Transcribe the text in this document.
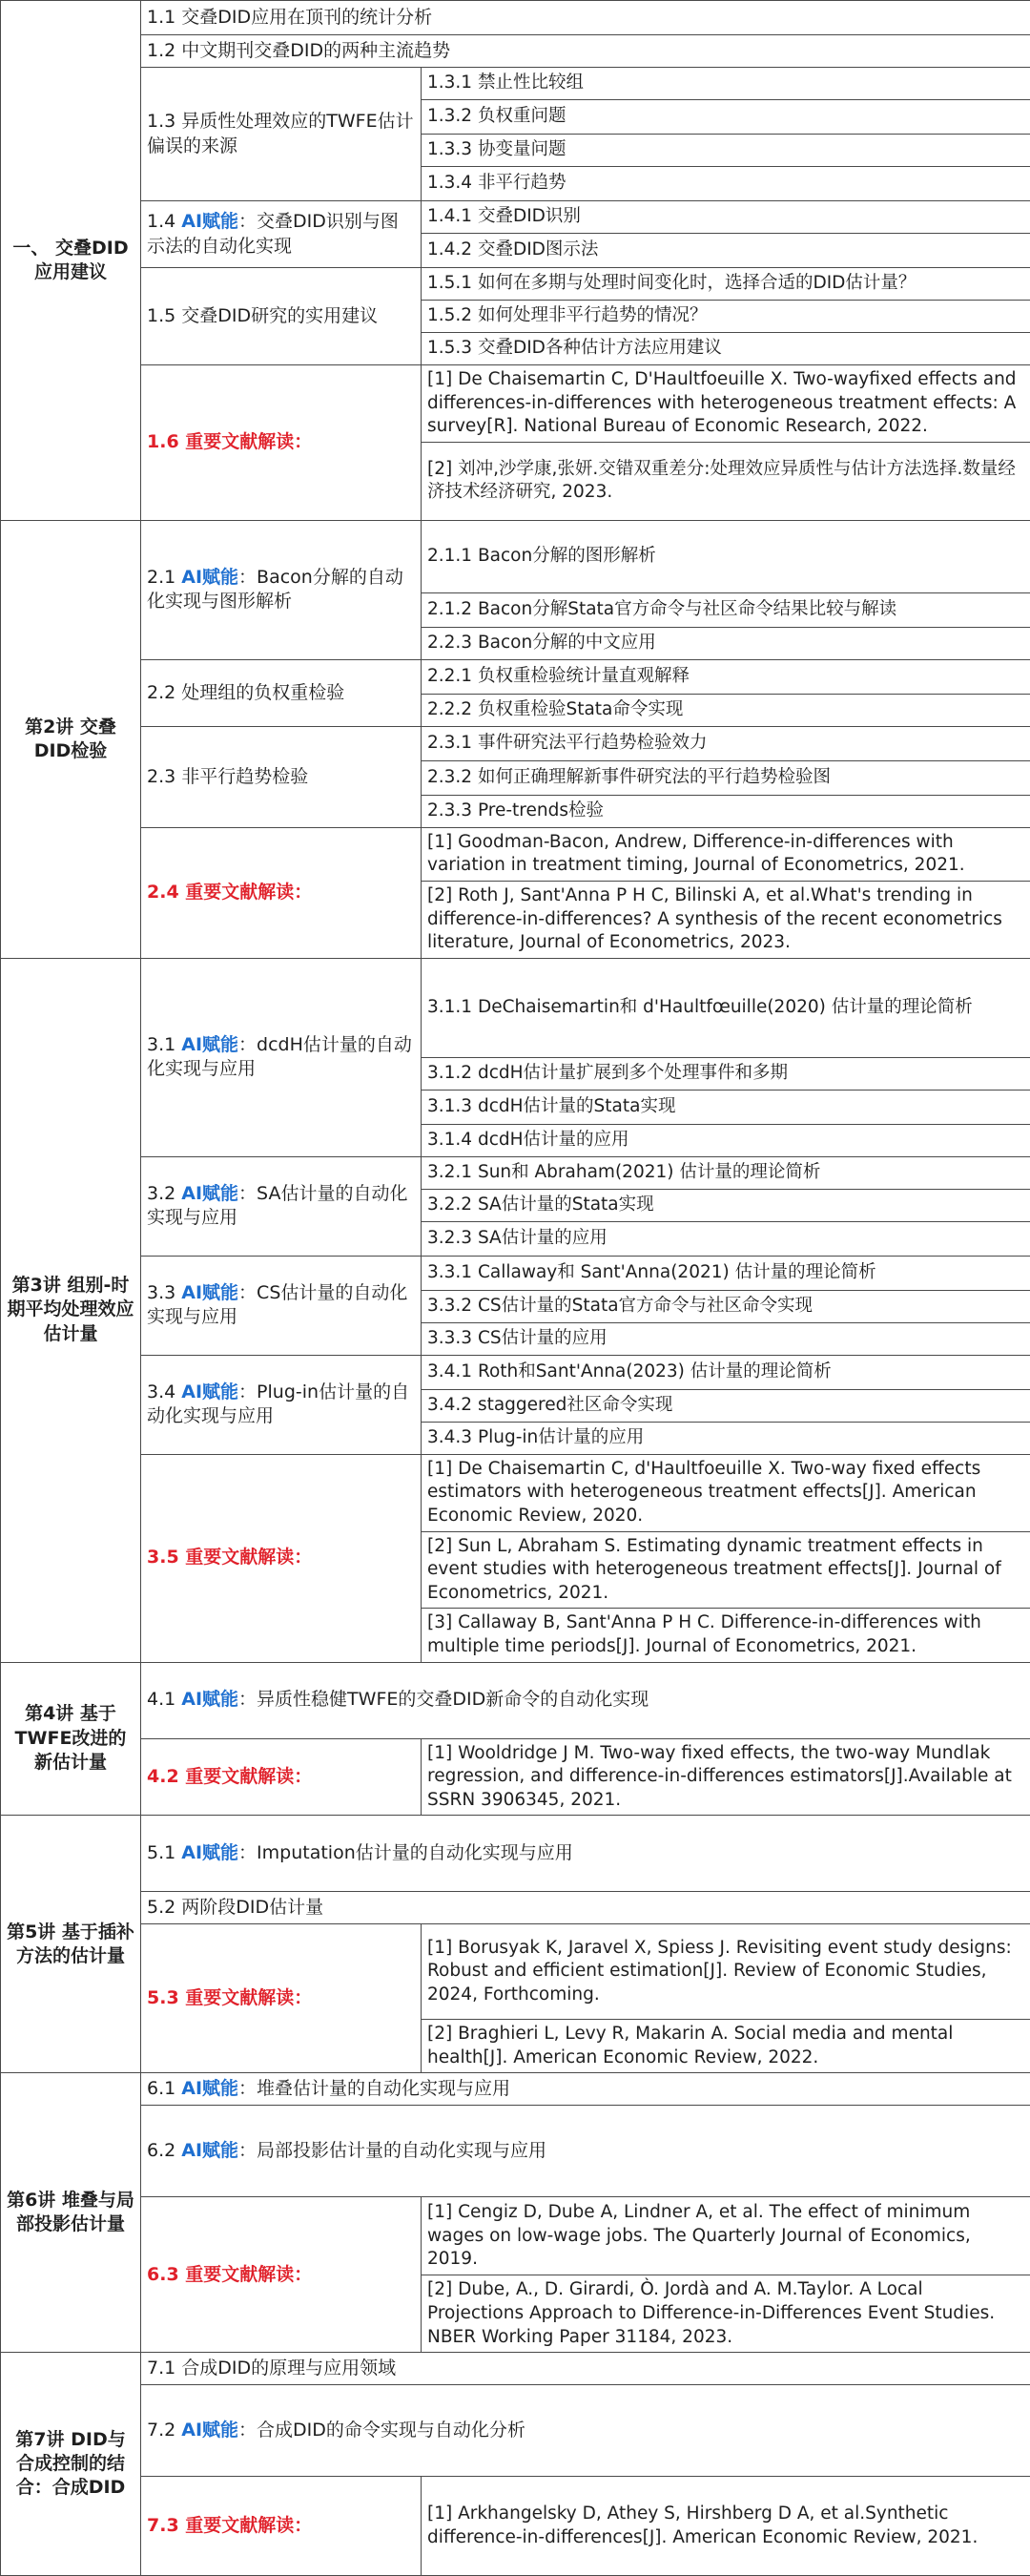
一、 交叠DID应用建议	1.1 交叠DID应用在顶刊的统计分析	
	1.2 中文期刊交叠DID的两种主流趋势	
	1.3 异质性处理效应的TWFE估计偏误的来源	1.3.1 禁止性比较组
		1.3.2 负权重问题
		1.3.3 协变量问题
		1.3.4 非平行趋势
	1.4 AI赋能：交叠DID识别与图示法的自动化实现	1.4.1 交叠DID识别
		1.4.2 交叠DID图示法
	1.5 交叠DID研究的实用建议	1.5.1 如何在多期与处理时间变化时，选择合适的DID估计量？
		1.5.2 如何处理非平行趋势的情况？
		1.5.3 交叠DID各种估计方法应用建议
	1.6 重要文献解读：	[1] De Chaisemartin C, D'Haultfoeuille X. Two-wayfixed effects and differences-in-differences with heterogeneous treatment effects: A survey[R]. National Bureau of Economic Research, 2022.
		[2] 刘冲,沙学康,张妍.交错双重差分:处理效应异质性与估计方法选择.数量经济技术经济研究, 2023.
第2讲 交叠DID检验	2.1 AI赋能：Bacon分解的自动化实现与图形解析	2.1.1 Bacon分解的图形解析
		2.1.2 Bacon分解Stata官方命令与社区命令结果比较与解读
		2.2.3 Bacon分解的中文应用
	2.2 处理组的负权重检验	2.2.1 负权重检验统计量直观解释
		2.2.2 负权重检验Stata命令实现
	2.3 非平行趋势检验	2.3.1 事件研究法平行趋势检验效力
		2.3.2 如何正确理解新事件研究法的平行趋势检验图
		2.3.3 Pre-trends检验
	2.4 重要文献解读：	[1] Goodman-Bacon, Andrew, Difference-in-differences with variation in treatment timing, Journal of Econometrics, 2021.
		[2] Roth J, Sant'Anna P H C, Bilinski A, et al.What's trending in difference-in-differences? A synthesis of the recent econometrics literature, Journal of Econometrics, 2023.
第3讲 组别-时期平均处理效应估计量	3.1 AI赋能：dcdH估计量的自动化实现与应用	3.1.1 DeChaisemartin和 d'Haultfœuille(2020) 估计量的理论简析
		3.1.2 dcdH估计量扩展到多个处理事件和多期
		3.1.3 dcdH估计量的Stata实现
		3.1.4 dcdH估计量的应用
	3.2 AI赋能：SA估计量的自动化实现与应用	3.2.1 Sun和 Abraham(2021) 估计量的理论简析
		3.2.2 SA估计量的Stata实现
		3.2.3 SA估计量的应用
	3.3 AI赋能：CS估计量的自动化实现与应用	3.3.1 Callaway和 Sant'Anna(2021) 估计量的理论简析
		3.3.2 CS估计量的Stata官方命令与社区命令实现
		3.3.3 CS估计量的应用
	3.4 AI赋能：Plug-in估计量的自动化实现与应用	3.4.1 Roth和Sant'Anna(2023) 估计量的理论简析
		3.4.2 staggered社区命令实现
		3.4.3 Plug-in估计量的应用
	3.5 重要文献解读：	[1] De Chaisemartin C, d'Haultfoeuille X. Two-way fixed effects estimators with heterogeneous treatment effects[J]. American Economic Review, 2020.
		[2] Sun L, Abraham S. Estimating dynamic treatment effects in event studies with heterogeneous treatment effects[J]. Journal of Econometrics, 2021.
		[3] Callaway B, Sant'Anna P H C. Difference-in-differences with multiple time periods[J]. Journal of Econometrics, 2021.
第4讲 基于TWFE改进的新估计量	4.1 AI赋能：异质性稳健TWFE的交叠DID新命令的自动化实现	
	4.2 重要文献解读：	[1] Wooldridge J M. Two-way fixed effects, the two-way Mundlak regression, and difference-in-differences estimators[J].Available at SSRN 3906345, 2021.
第5讲 基于插补方法的估计量	5.1 AI赋能：Imputation估计量的自动化实现与应用	
	5.2 两阶段DID估计量	
	5.3 重要文献解读：	[1] Borusyak K, Jaravel X, Spiess J. Revisiting event study designs: Robust and efficient estimation[J]. Review of Economic Studies, 2024, Forthcoming.
		[2] Braghieri L, Levy R, Makarin A. Social media and mental health[J]. American Economic Review, 2022.
第6讲 堆叠与局部投影估计量	6.1 AI赋能：堆叠估计量的自动化实现与应用	
	6.2 AI赋能：局部投影估计量的自动化实现与应用	
	6.3 重要文献解读：	[1] Cengiz D, Dube A, Lindner A, et al. The effect of minimum wages on low-wage jobs. The Quarterly Journal of Economics, 2019.
		[2] Dube, A., D. Girardi, Ò. Jordà and A. M.Taylor. A Local Projections Approach to Difference-in-Differences Event Studies. NBER Working Paper 31184, 2023.
第7讲 DID与合成控制的结合：合成DID	7.1 合成DID的原理与应用领域	
	7.2 AI赋能：合成DID的命令实现与自动化分析	
	7.3 重要文献解读：	[1] Arkhangelsky D, Athey S, Hirshberg D A, et al.Synthetic difference-in-differences[J]. American Economic Review, 2021.
